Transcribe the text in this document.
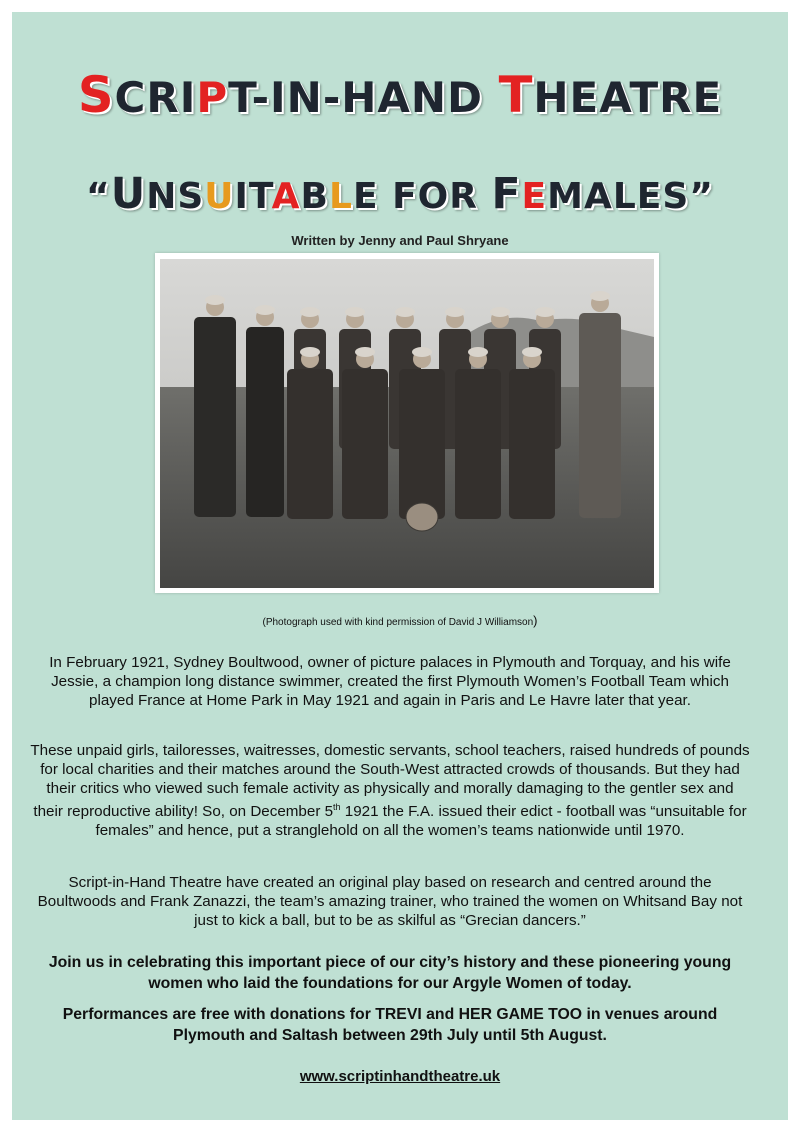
SCRIPT-IN-HAND THEATRE
“UNSUITABLE FOR FEMALES”
Written by Jenny and Paul Shryane
(Photograph used with kind permission of David J Williamson)

In February 1921, Sydney Boultwood, owner of picture palaces in Plymouth and Torquay, and his wife Jessie, a champion long distance swimmer, created the first Plymouth Women’s Football Team which played France at Home Park in May 1921 and again in Paris and Le Havre later that year.

These unpaid girls, tailoresses, waitresses, domestic servants, school teachers, raised hundreds of pounds for local charities and their matches around the South-West attracted crowds of thousands. But they had their critics who viewed such female activity as physically and morally damaging to the gentler sex and their reproductive ability! So, on December 5th 1921 the F.A. issued their edict - football was “unsuitable for females” and hence, put a stranglehold on all the women’s teams nationwide until 1970.

Script-in-Hand Theatre have created an original play based on research and centred around the Boultwoods and Frank Zanazzi, the team’s amazing trainer, who trained the women on Whitsand Bay not just to kick a ball, but to be as skilful as “Grecian dancers.”

Join us in celebrating this important piece of our city’s history and these pioneering young women who laid the foundations for our Argyle Women of today.

Performances are free with donations for TREVI and HER GAME TOO in venues around Plymouth and Saltash between 29th July until 5th August.

www.scriptinhandtheatre.uk
